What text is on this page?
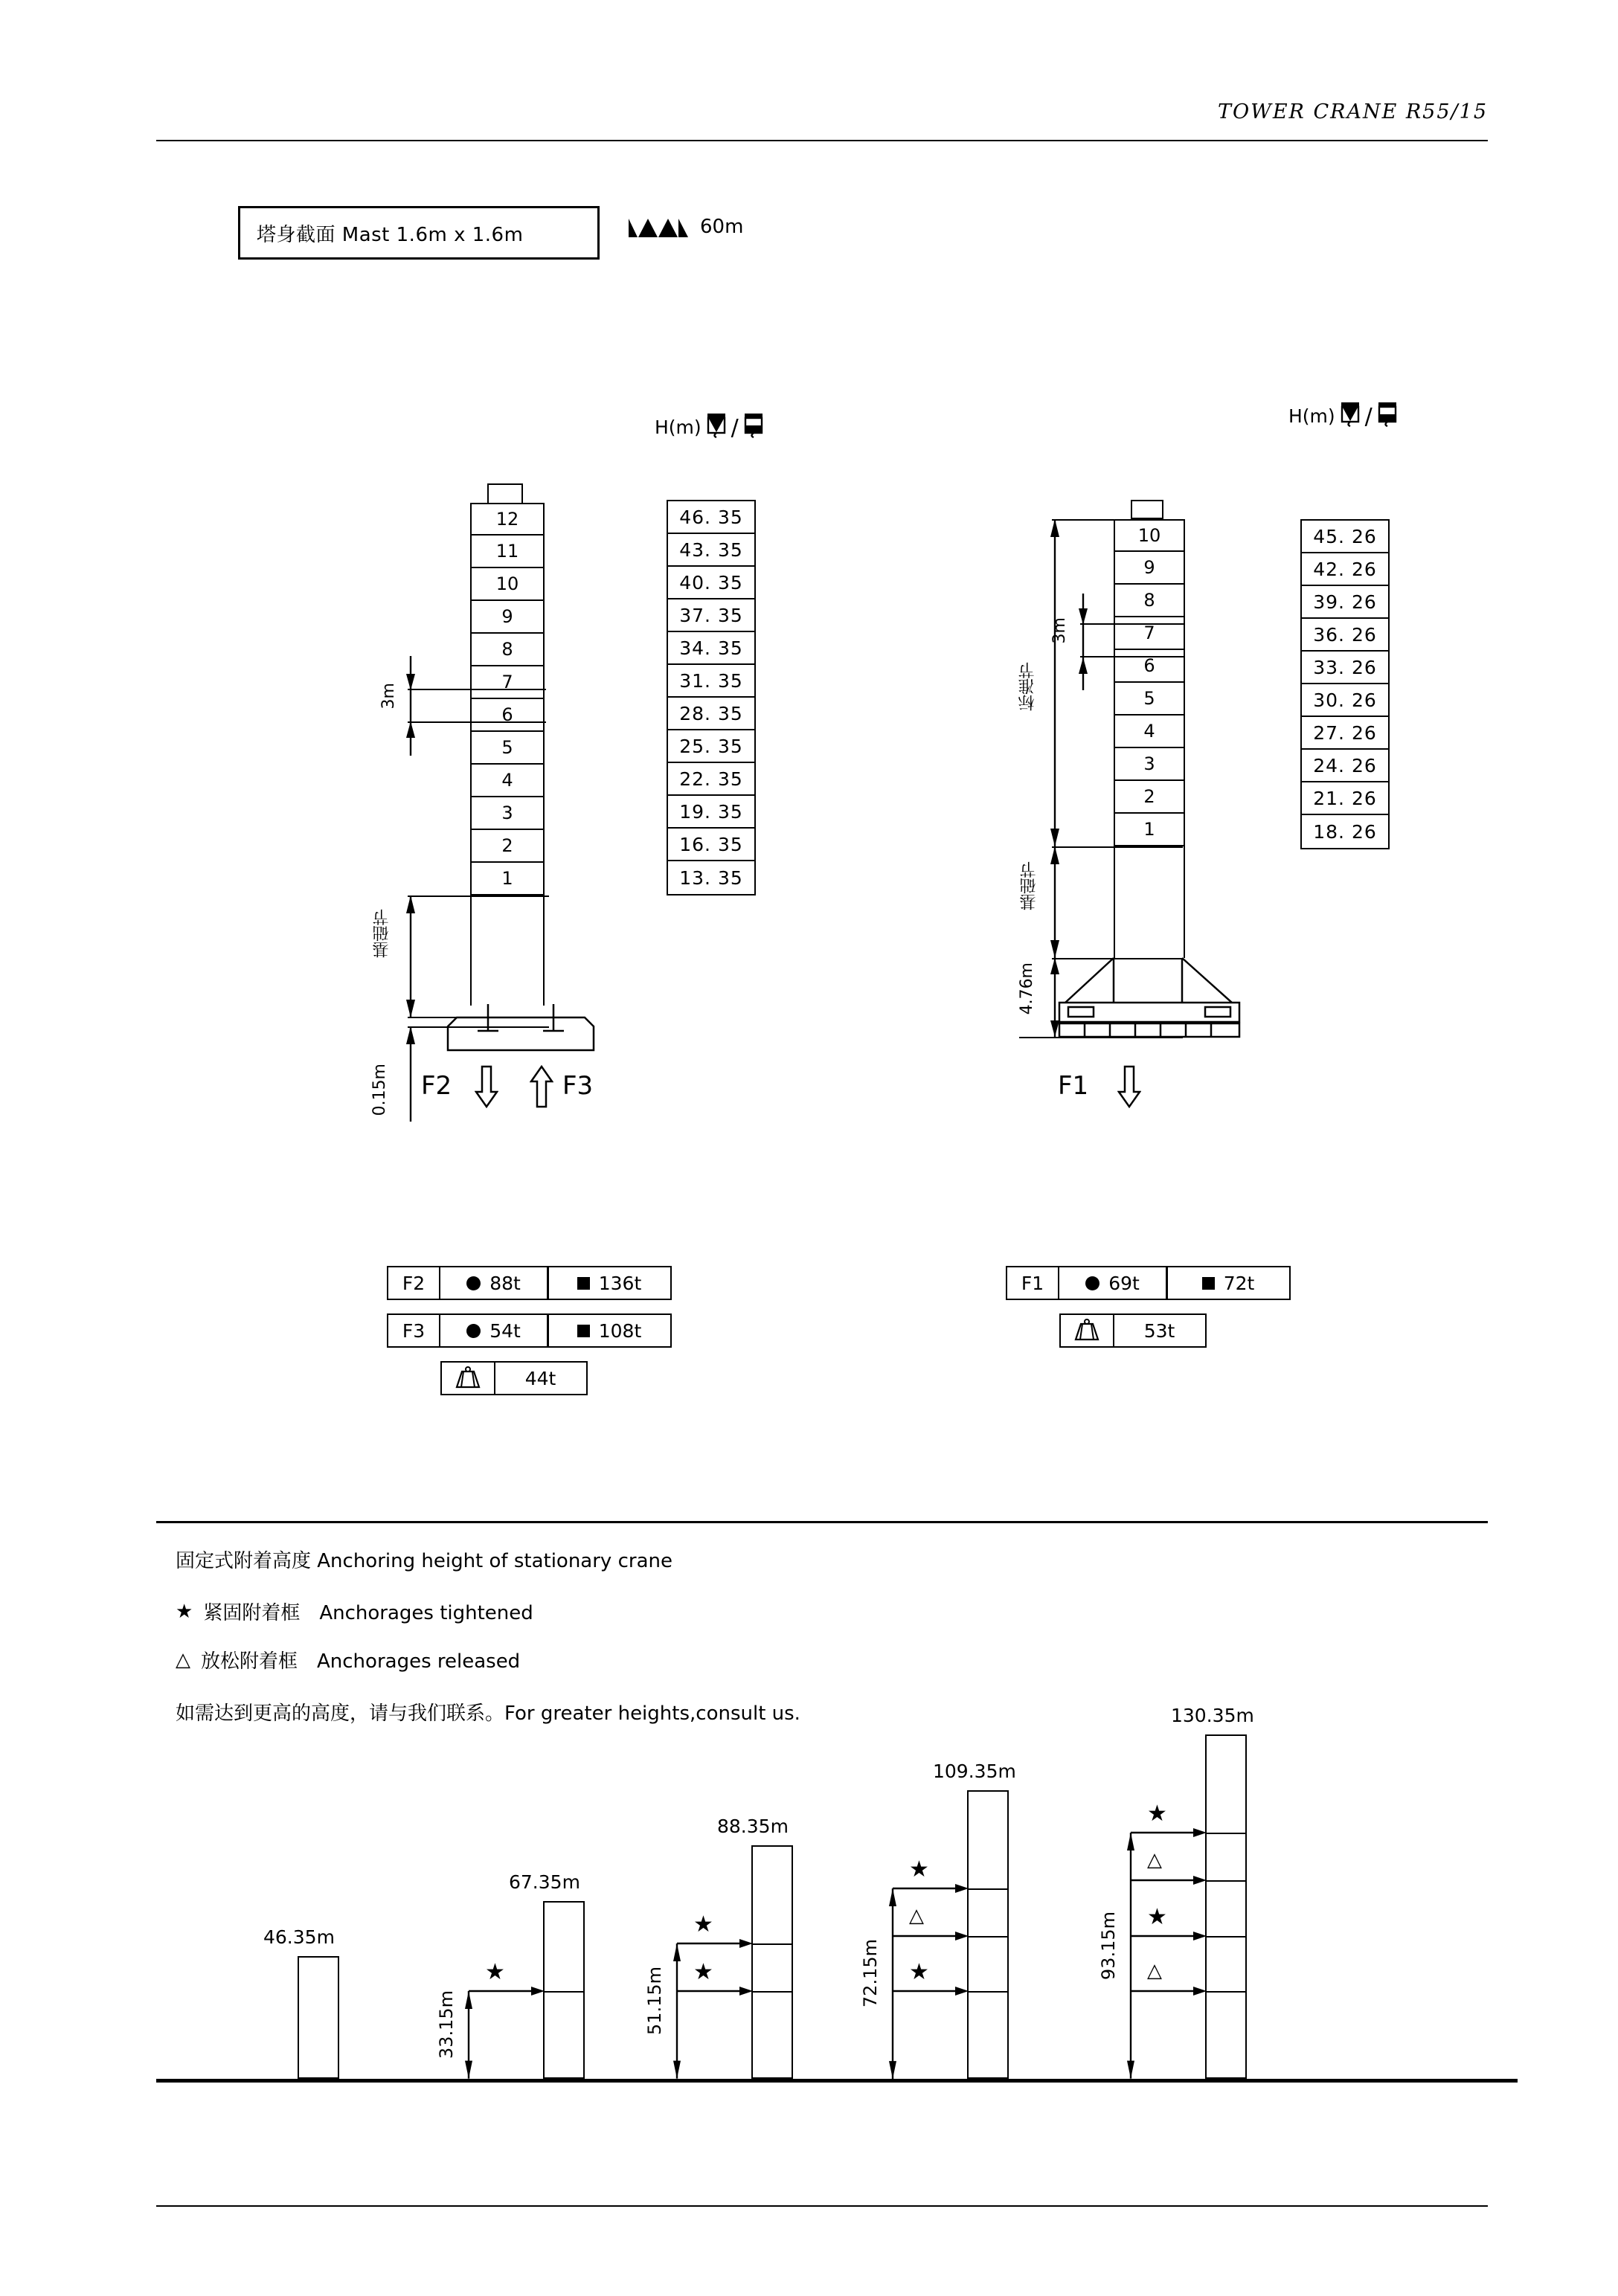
TOWER CRANE R55/15
塔身截面 Mast 1.6m x 1.6m	60m
H(m) /	H(m) /
12
11
10
9
8
7
6
5
4
3
2
1
3m
基础节
0.15m F2	F3
46. 35
43. 35
40. 35
37. 35
34. 35
31. 35
28. 35
25. 35
22. 35
19. 35
16. 35
13. 35
10
9
8
7
6
5
4
3
2
1
标准节
3m
基础节
4.76m
F1
45. 26
42. 26
39. 26
36. 26
33. 26
30. 26
27. 26
24. 26
21. 26
18. 26
F2	88t	136t
F3	54t	108t
44t
F1	69t	72t
53t
固定式附着高度 Anchoring height of stationary crane
★ 紧固附着框　Anchorages tightened
△ 放松附着框　Anchorages released
如需达到更高的高度，请与我们联系。For greater heights,consult us.
46.35m
67.35m
★
33.15m
88.35m
★
★
51.15m
109.35m
★
△
★
72.15m
130.35m
★
△
★
△
93.15m
